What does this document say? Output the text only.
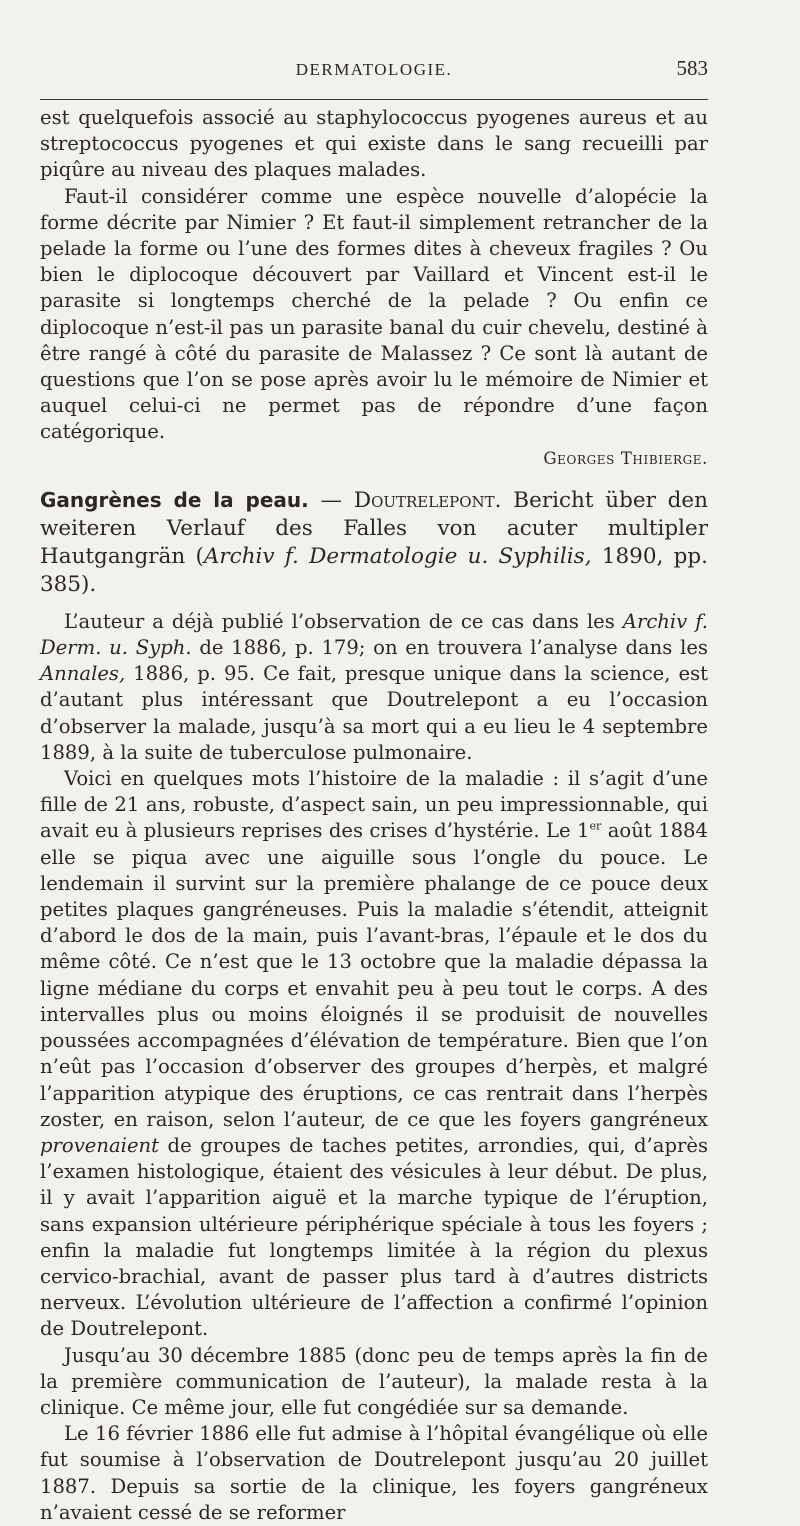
DERMATOLOGIE.	583

est quelquefois associé au staphylococcus pyogenes aureus et au streptococcus pyogenes et qui existe dans le sang recueilli par piqûre au niveau des plaques malades.

Faut-il considérer comme une espèce nouvelle d’alopécie la forme décrite par Nimier ? Et faut-il simplement retrancher de la pelade la forme ou l’une des formes dites à cheveux fragiles ? Ou bien le diplocoque découvert par Vaillard et Vincent est-il le parasite si longtemps cherché de la pelade ? Ou enfin ce diplocoque n’est-il pas un parasite banal du cuir chevelu, destiné à être rangé à côté du parasite de Malassez ? Ce sont là autant de questions que l’on se pose après avoir lu le mémoire de Nimier et auquel celui-ci ne permet pas de répondre d’une façon catégorique.

Georges Thibierge.

Gangrènes de la peau. — Doutrelepont. Bericht über den weiteren Verlauf des Falles von acuter multipler Hautgangrän (Archiv f. Dermatologie u. Syphilis, 1890, pp. 385).

L’auteur a déjà publié l’observation de ce cas dans les Archiv f. Derm. u. Syph. de 1886, p. 179; on en trouvera l’analyse dans les Annales, 1886, p. 95. Ce fait, presque unique dans la science, est d’autant plus intéressant que Doutrelepont a eu l’occasion d’observer la malade, jusqu’à sa mort qui a eu lieu le 4 septembre 1889, à la suite de tuberculose pulmonaire.

Voici en quelques mots l’histoire de la maladie : il s’agit d’une fille de 21 ans, robuste, d’aspect sain, un peu impressionnable, qui avait eu à plusieurs reprises des crises d’hystérie. Le 1er août 1884 elle se piqua avec une aiguille sous l’ongle du pouce. Le lendemain il survint sur la première phalange de ce pouce deux petites plaques gangréneuses. Puis la maladie s’étendit, atteignit d’abord le dos de la main, puis l’avant-bras, l’épaule et le dos du même côté. Ce n’est que le 13 octobre que la maladie dépassa la ligne médiane du corps et envahit peu à peu tout le corps. A des intervalles plus ou moins éloignés il se produisit de nouvelles poussées accompagnées d’élévation de température. Bien que l’on n’eût pas l’occasion d’observer des groupes d’herpès, et malgré l’apparition atypique des éruptions, ce cas rentrait dans l’herpès zoster, en raison, selon l’auteur, de ce que les foyers gangréneux provenaient de groupes de taches petites, arrondies, qui, d’après l’examen histologique, étaient des vésicules à leur début. De plus, il y avait l’apparition aiguë et la marche typique de l’éruption, sans expansion ultérieure périphérique spéciale à tous les foyers ; enfin la maladie fut longtemps limitée à la région du plexus cervico-brachial, avant de passer plus tard à d’autres districts nerveux. L’évolution ultérieure de l’affection a confirmé l’opinion de Doutrelepont.

Jusqu’au 30 décembre 1885 (donc peu de temps après la fin de la première communication de l’auteur), la malade resta à la clinique. Ce même jour, elle fut congédiée sur sa demande.

Le 16 février 1886 elle fut admise à l’hôpital évangélique où elle fut soumise à l’observation de Doutrelepont jusqu’au 20 juillet 1887. Depuis sa sortie de la clinique, les foyers gangréneux n’avaient cessé de se reformer
